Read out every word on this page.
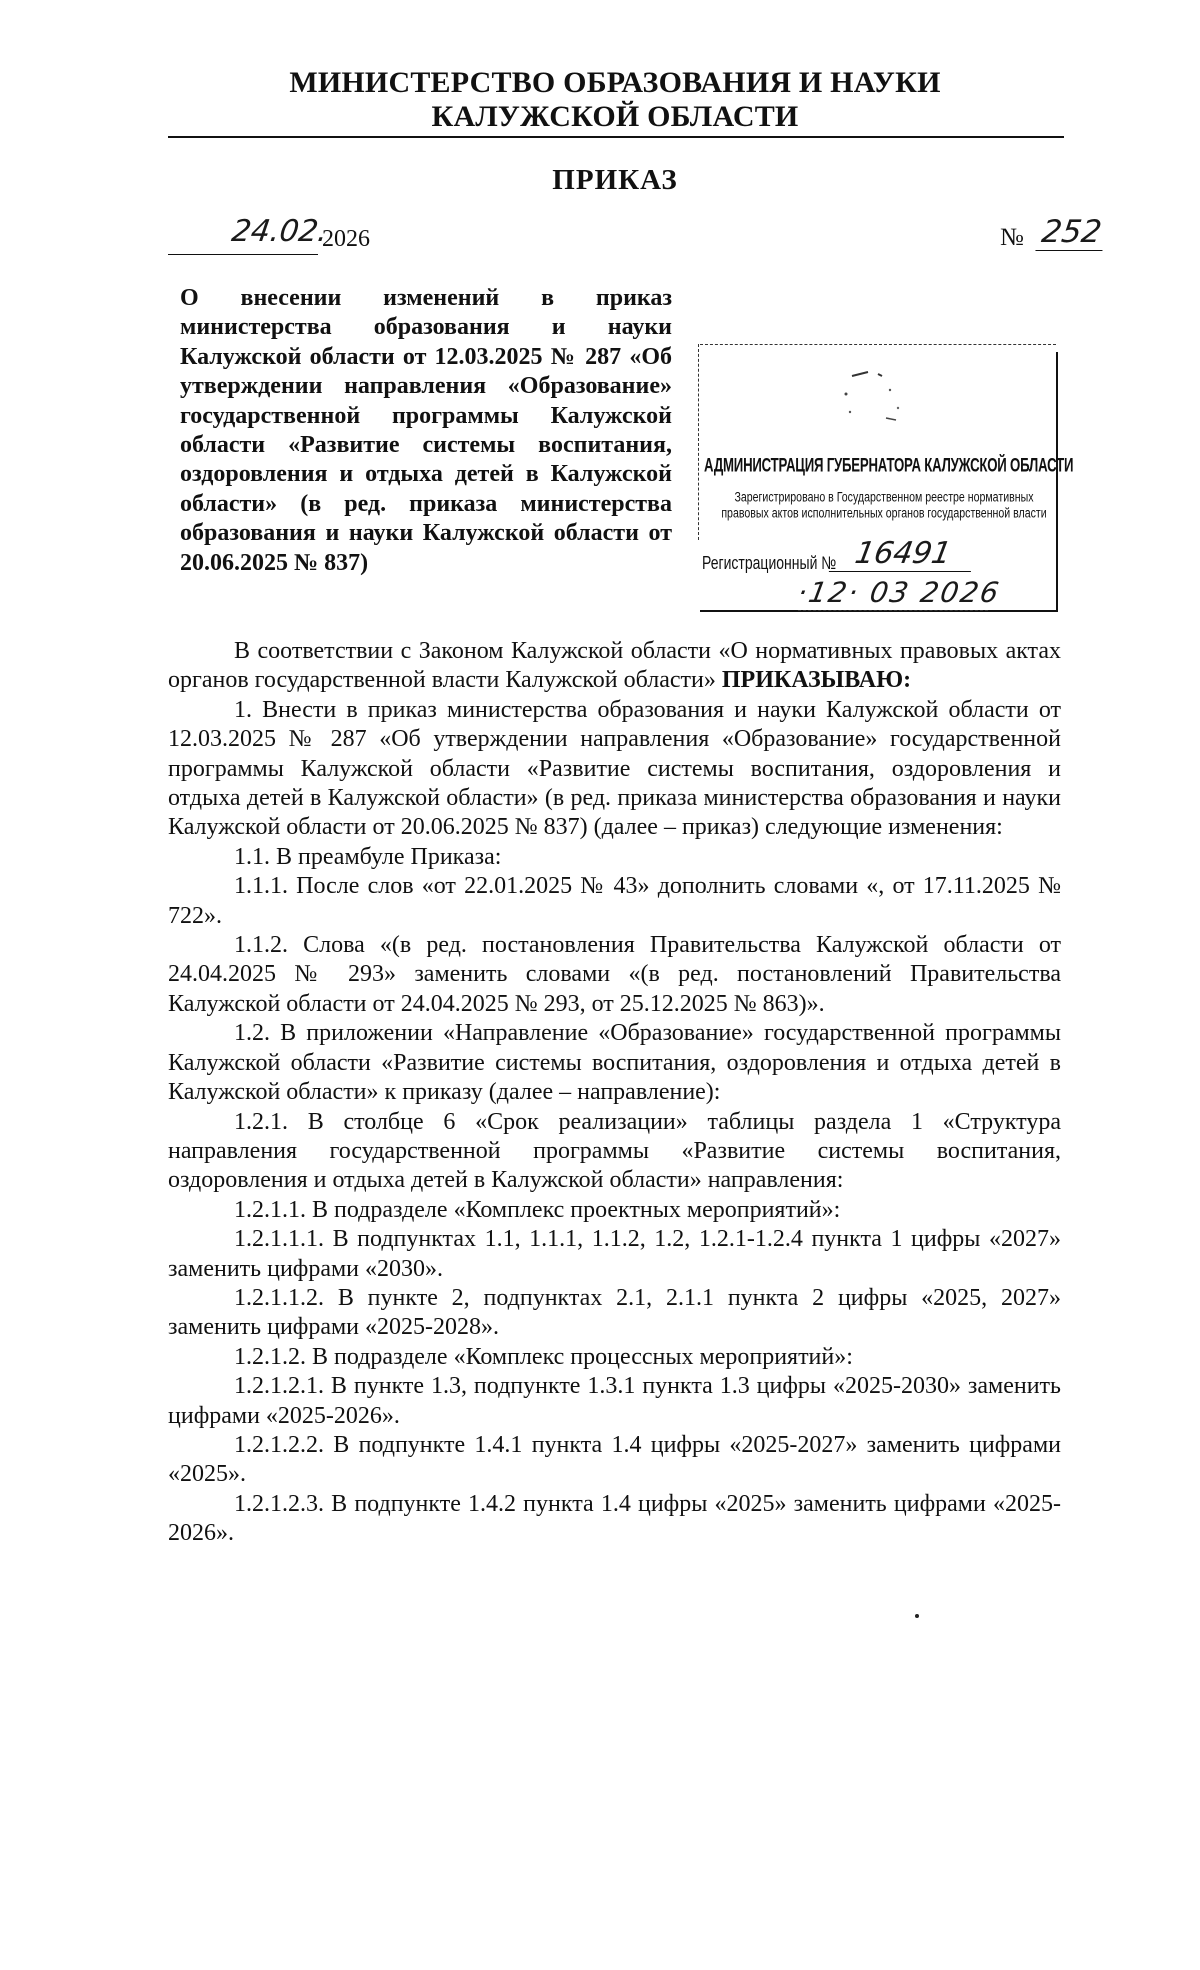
МИНИСТЕРСТВО ОБРАЗОВАНИЯ И НАУКИ
КАЛУЖСКОЙ ОБЛАСТИ
ПРИКАЗ
24.02.
2026	№ 252
О внесении изменений в приказ министерства образования и науки Калужской области от 12.03.2025 № 287 «Об утверждении направления «Образование» государственной программы Калужской области «Развитие системы воспитания, оздоровления и отдыха детей в Калужской области» (в ред. приказа министерства образования и науки Калужской области от 20.06.2025 № 837)
АДМИНИСТРАЦИЯ ГУБЕРНАТОРА КАЛУЖСКОЙ ОБЛАСТИ
Зарегистрировано в Государственном реестре нормативных правовых актов исполнительных органов государственной власти
Регистрационный № 16491
·12· 03 2026

В соответствии с Законом Калужской области «О нормативных правовых актах органов государственной власти Калужской области» ПРИКАЗЫВАЮ:

1. Внести в приказ министерства образования и науки Калужской области от 12.03.2025 № 287 «Об утверждении направления «Образование» государственной программы Калужской области «Развитие системы воспитания, оздоровления и отдыха детей в Калужской области» (в ред. приказа министерства образования и науки Калужской области от 20.06.2025 № 837) (далее – приказ) следующие изменения:

1.1. В преамбуле Приказа:

1.1.1. После слов «от 22.01.2025 № 43» дополнить словами «, от 17.11.2025 № 722».

1.1.2. Слова «(в ред. постановления Правительства Калужской области от 24.04.2025 № 293» заменить словами «(в ред. постановлений Правительства Калужской области от 24.04.2025 № 293, от 25.12.2025 № 863)».

1.2. В приложении «Направление «Образование» государственной программы Калужской области «Развитие системы воспитания, оздоровления и отдыха детей в Калужской области» к приказу (далее – направление):

1.2.1. В столбце 6 «Срок реализации» таблицы раздела 1 «Структура направления государственной программы «Развитие системы воспитания, оздоровления и отдыха детей в Калужской области» направления:

1.2.1.1. В подразделе «Комплекс проектных мероприятий»:

1.2.1.1.1. В подпунктах 1.1, 1.1.1, 1.1.2, 1.2, 1.2.1-1.2.4 пункта 1 цифры «2027» заменить цифрами «2030».

1.2.1.1.2. В пункте 2, подпунктах 2.1, 2.1.1 пункта 2 цифры «2025, 2027» заменить цифрами «2025-2028».

1.2.1.2. В подразделе «Комплекс процессных мероприятий»:

1.2.1.2.1. В пункте 1.3, подпункте 1.3.1 пункта 1.3 цифры «2025-2030» заменить цифрами «2025-2026».

1.2.1.2.2. В подпункте 1.4.1 пункта 1.4 цифры «2025-2027» заменить цифрами «2025».

1.2.1.2.3. В подпункте 1.4.2 пункта 1.4 цифры «2025» заменить цифрами «2025-2026».
